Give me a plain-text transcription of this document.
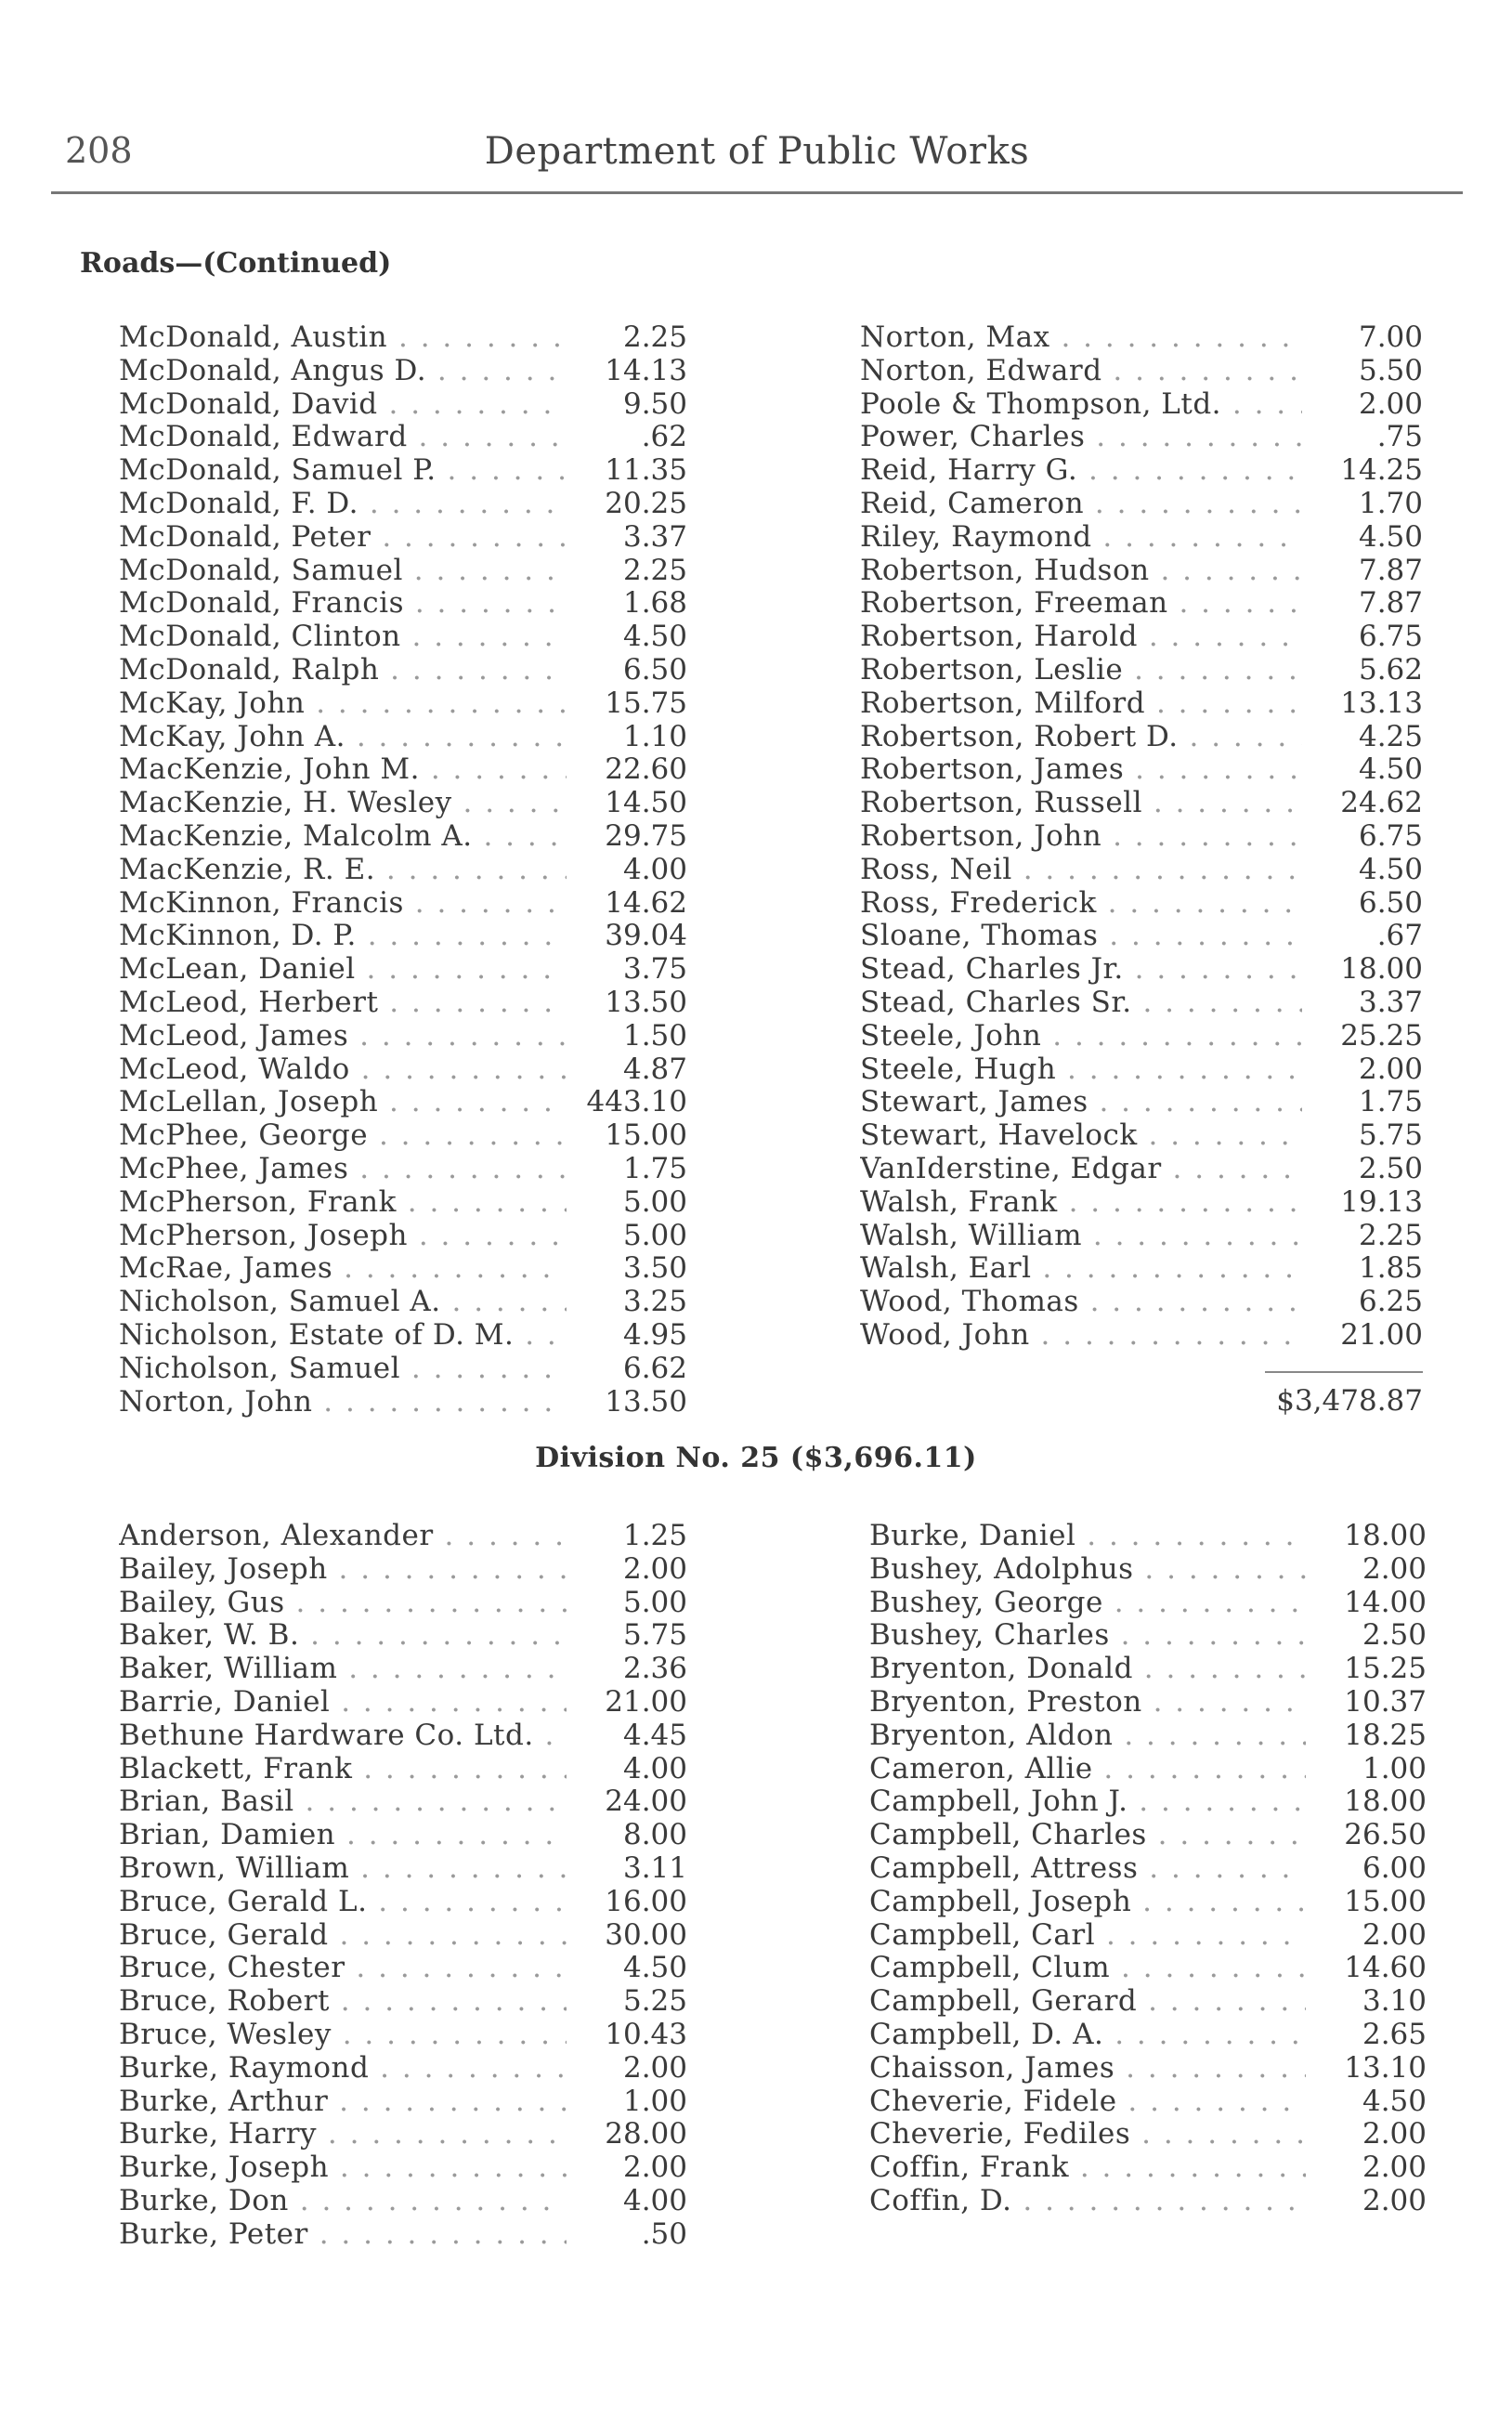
208	Department of Public Works
Roads—(Continued)
McDonald, Austin . . .	2.25
McDonald, Angus D. . . .	14.13
McDonald, David . . .	9.50
McDonald, Edward . . .	.62
McDonald, Samuel P. . . .	11.35
McDonald, F. D. . . .	20.25
McDonald, Peter . . .	3.37
McDonald, Samuel . . .	2.25
McDonald, Francis . . .	1.68
McDonald, Clinton . . .	4.50
McDonald, Ralph . . .	6.50
McKay, John . . .	15.75
McKay, John A. . . .	1.10
MacKenzie, John M. . . .	22.60
MacKenzie, H. Wesley . . .	14.50
MacKenzie, Malcolm A. . . .	29.75
MacKenzie, R. E. . . .	4.00
McKinnon, Francis . . .	14.62
McKinnon, D. P. . . .	39.04
McLean, Daniel . . .	3.75
McLeod, Herbert . . .	13.50
McLeod, James . . .	1.50
McLeod, Waldo . . .	4.87
McLellan, Joseph . . .	443.10
McPhee, George . . .	15.00
McPhee, James . . .	1.75
McPherson, Frank . . .	5.00
McPherson, Joseph . . .	5.00
McRae, James . . .	3.50
Nicholson, Samuel A. . . .	3.25
Nicholson, Estate of D. M. . . .	4.95
Nicholson, Samuel . . .	6.62
Norton, John . . .	13.50
Norton, Max . . .	7.00
Norton, Edward . . .	5.50
Poole & Thompson, Ltd. . . .	2.00
Power, Charles . . .	.75
Reid, Harry G. . . .	14.25
Reid, Cameron . . .	1.70
Riley, Raymond . . .	4.50
Robertson, Hudson . . .	7.87
Robertson, Freeman . . .	7.87
Robertson, Harold . . .	6.75
Robertson, Leslie . . .	5.62
Robertson, Milford . . .	13.13
Robertson, Robert D. . . .	4.25
Robertson, James . . .	4.50
Robertson, Russell . . .	24.62
Robertson, John . . .	6.75
Ross, Neil . . .	4.50
Ross, Frederick . . .	6.50
Sloane, Thomas . . .	.67
Stead, Charles Jr. . . .	18.00
Stead, Charles Sr. . . .	3.37
Steele, John . . .	25.25
Steele, Hugh . . .	2.00
Stewart, James . . .	1.75
Stewart, Havelock . . .	5.75
VanIderstine, Edgar . . .	2.50
Walsh, Frank . . .	19.13
Walsh, William . . .	2.25
Walsh, Earl . . .	1.85
Wood, Thomas . . .	6.25
Wood, John . . .	21.00
$3,478.87
Division No. 25 ($3,696.11)
Anderson, Alexander . . .	1.25
Bailey, Joseph . . .	2.00
Bailey, Gus . . .	5.00
Baker, W. B. . . .	5.75
Baker, William . . .	2.36
Barrie, Daniel . . .	21.00
Bethune Hardware Co. Ltd. . . .	4.45
Blackett, Frank . . .	4.00
Brian, Basil . . .	24.00
Brian, Damien . . .	8.00
Brown, William . . .	3.11
Bruce, Gerald L. . . .	16.00
Bruce, Gerald . . .	30.00
Bruce, Chester . . .	4.50
Bruce, Robert . . .	5.25
Bruce, Wesley . . .	10.43
Burke, Raymond . . .	2.00
Burke, Arthur . . .	1.00
Burke, Harry . . .	28.00
Burke, Joseph . . .	2.00
Burke, Don . . .	4.00
Burke, Peter . . .	.50
Burke, Daniel . . .	18.00
Bushey, Adolphus . . .	2.00
Bushey, George . . .	14.00
Bushey, Charles . . .	2.50
Bryenton, Donald . . .	15.25
Bryenton, Preston . . .	10.37
Bryenton, Aldon . . .	18.25
Cameron, Allie . . .	1.00
Campbell, John J. . . .	18.00
Campbell, Charles . . .	26.50
Campbell, Attress . . .	6.00
Campbell, Joseph . . .	15.00
Campbell, Carl . . .	2.00
Campbell, Clum . . .	14.60
Campbell, Gerard . . .	3.10
Campbell, D. A. . . .	2.65
Chaisson, James . . .	13.10
Cheverie, Fidele . . .	4.50
Cheverie, Fediles . . .	2.00
Coffin, Frank . . .	2.00
Coffin, D. . . .	2.00
